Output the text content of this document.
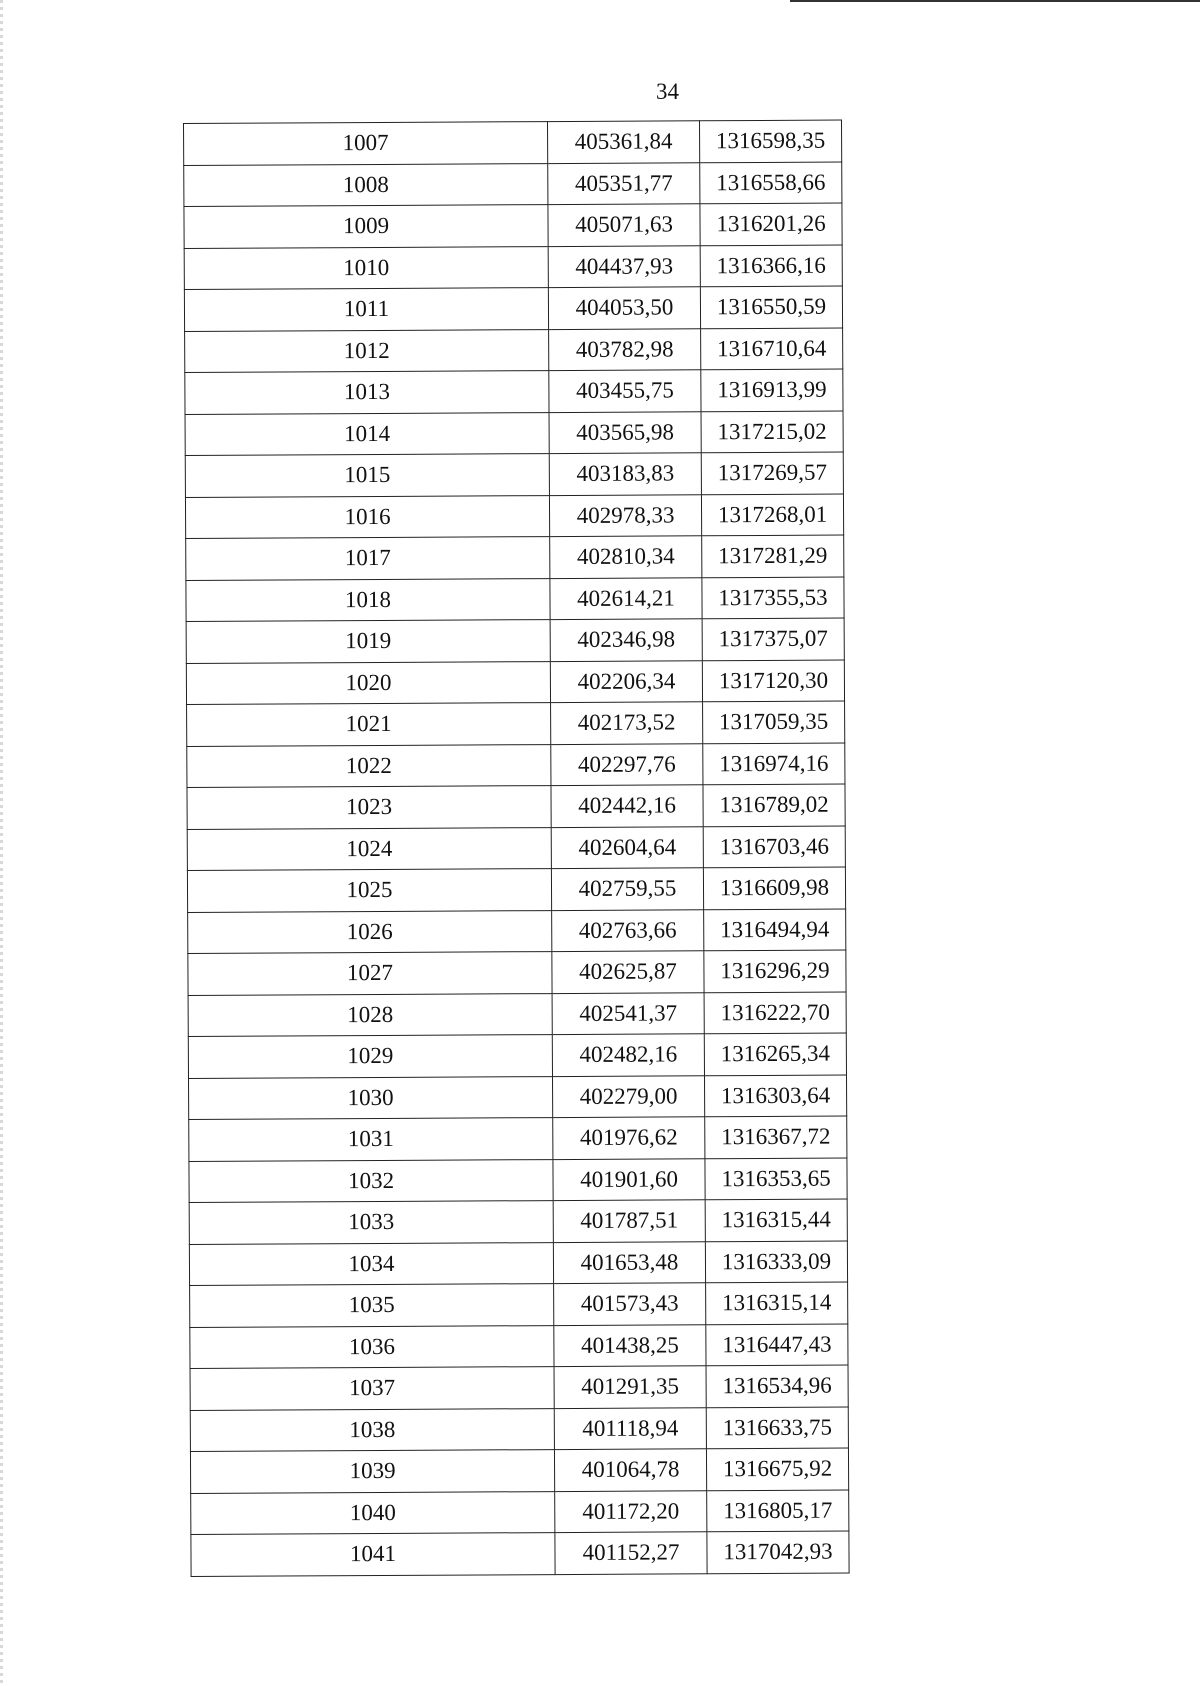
34
1007	405361,84	1316598,35
1008	405351,77	1316558,66
1009	405071,63	1316201,26
1010	404437,93	1316366,16
1011	404053,50	1316550,59
1012	403782,98	1316710,64
1013	403455,75	1316913,99
1014	403565,98	1317215,02
1015	403183,83	1317269,57
1016	402978,33	1317268,01
1017	402810,34	1317281,29
1018	402614,21	1317355,53
1019	402346,98	1317375,07
1020	402206,34	1317120,30
1021	402173,52	1317059,35
1022	402297,76	1316974,16
1023	402442,16	1316789,02
1024	402604,64	1316703,46
1025	402759,55	1316609,98
1026	402763,66	1316494,94
1027	402625,87	1316296,29
1028	402541,37	1316222,70
1029	402482,16	1316265,34
1030	402279,00	1316303,64
1031	401976,62	1316367,72
1032	401901,60	1316353,65
1033	401787,51	1316315,44
1034	401653,48	1316333,09
1035	401573,43	1316315,14
1036	401438,25	1316447,43
1037	401291,35	1316534,96
1038	401118,94	1316633,75
1039	401064,78	1316675,92
1040	401172,20	1316805,17
1041	401152,27	1317042,93
